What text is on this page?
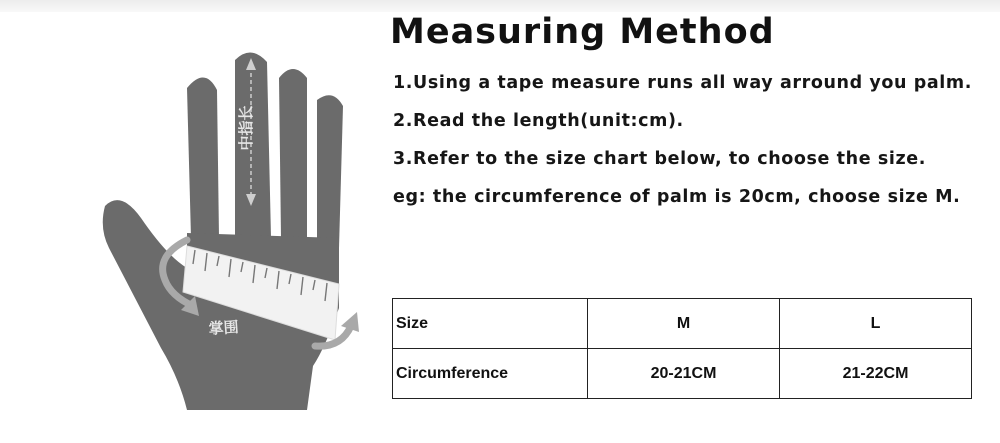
中指长
掌围
Measuring Method
1.Using a tape measure runs all way arround you palm.
2.Read the length(unit:cm).
3.Refer to the size chart below, to choose the size.
eg: the circumference of palm is 20cm, choose size M.
Size	M	L
Circumference	20-21CM	21-22CM
